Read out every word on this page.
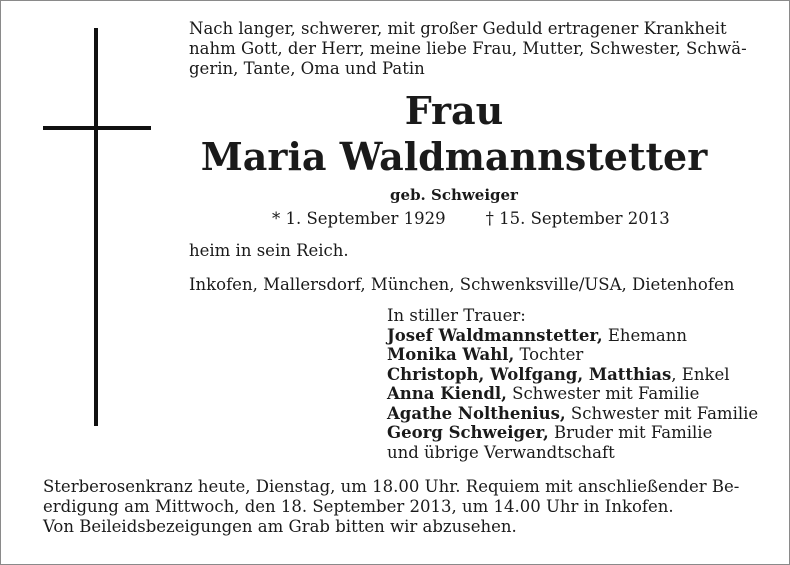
Nach langer, schwerer, mit großer Geduld ertragener Krankheit
nahm Gott, der Herr, meine liebe Frau, Mutter, Schwester, Schwä-
gerin, Tante, Oma und Patin
Frau
Maria Waldmannstetter
geb. Schweiger
* 1. September 1929 † 15. September 2013
heim in sein Reich.
Inkofen, Mallersdorf, München, Schwenksville/USA, Dietenhofen
In stiller Trauer:
Josef Waldmannstetter, Ehemann
Monika Wahl, Tochter
Christoph, Wolfgang, Matthias, Enkel
Anna Kiendl, Schwester mit Familie
Agathe Nolthenius, Schwester mit Familie
Georg Schweiger, Bruder mit Familie
und übrige Verwandtschaft
Sterberosenkranz heute, Dienstag, um 18.00 Uhr. Requiem mit anschließender Be-
erdigung am Mittwoch, den 18. September 2013, um 14.00 Uhr in Inkofen.
Von Beileidsbezeigungen am Grab bitten wir abzusehen.
